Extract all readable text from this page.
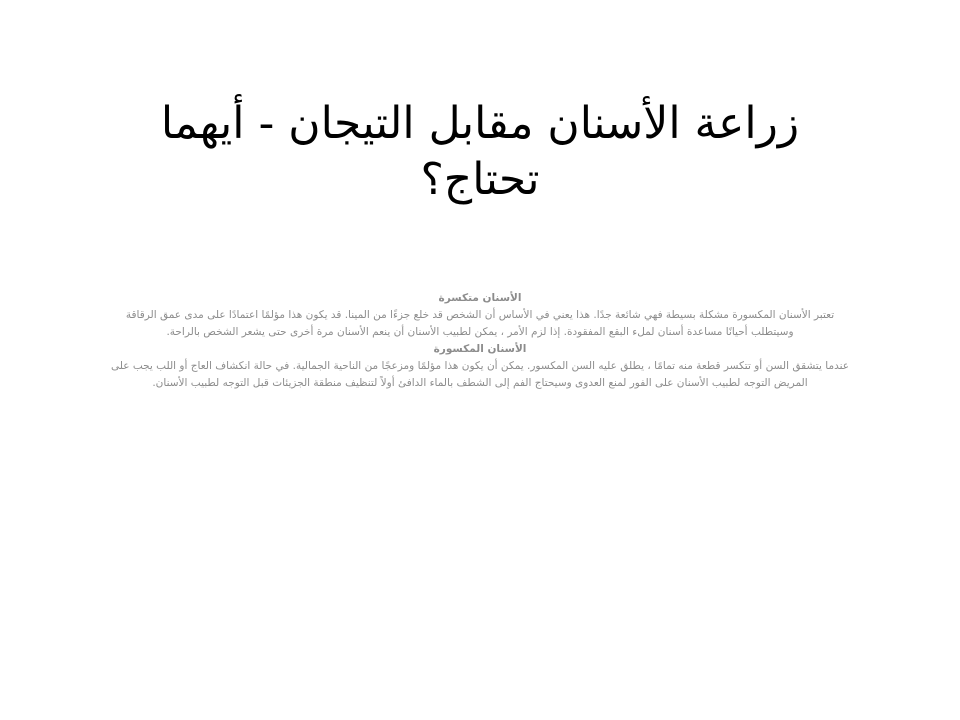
زراعة الأسنان مقابل التيجان - أيهما تحتاج؟
الأسنان متكسرة
تعتبر الأسنان المكسورة مشكلة بسيطة فهي شائعة جدًا. هذا يعني في الأساس أن الشخص قد خلع جزءًا من المينا. قد يكون هذا مؤلمًا اعتمادًا على مدى عمق الرقاقة وسيتطلب أحيانًا مساعدة أسنان لملء البقع المفقودة. إذا لزم الأمر ، يمكن لطبيب الأسنان أن ينعم الأسنان مرة أخرى حتى يشعر الشخص بالراحة.
الأسنان المكسورة
عندما يتشقق السن أو تتكسر قطعة منه تمامًا ، يطلق عليه السن المكسور. يمكن أن يكون هذا مؤلمًا ومزعجًا من الناحية الجمالية. في حالة انكشاف العاج أو اللب يجب على المريض التوجه لطبيب الأسنان على الفور لمنع العدوى وسيحتاج الفم إلى الشطف بالماء الدافئ أولاً لتنظيف منطقة الجزيئات قبل التوجه لطبيب الأسنان.
